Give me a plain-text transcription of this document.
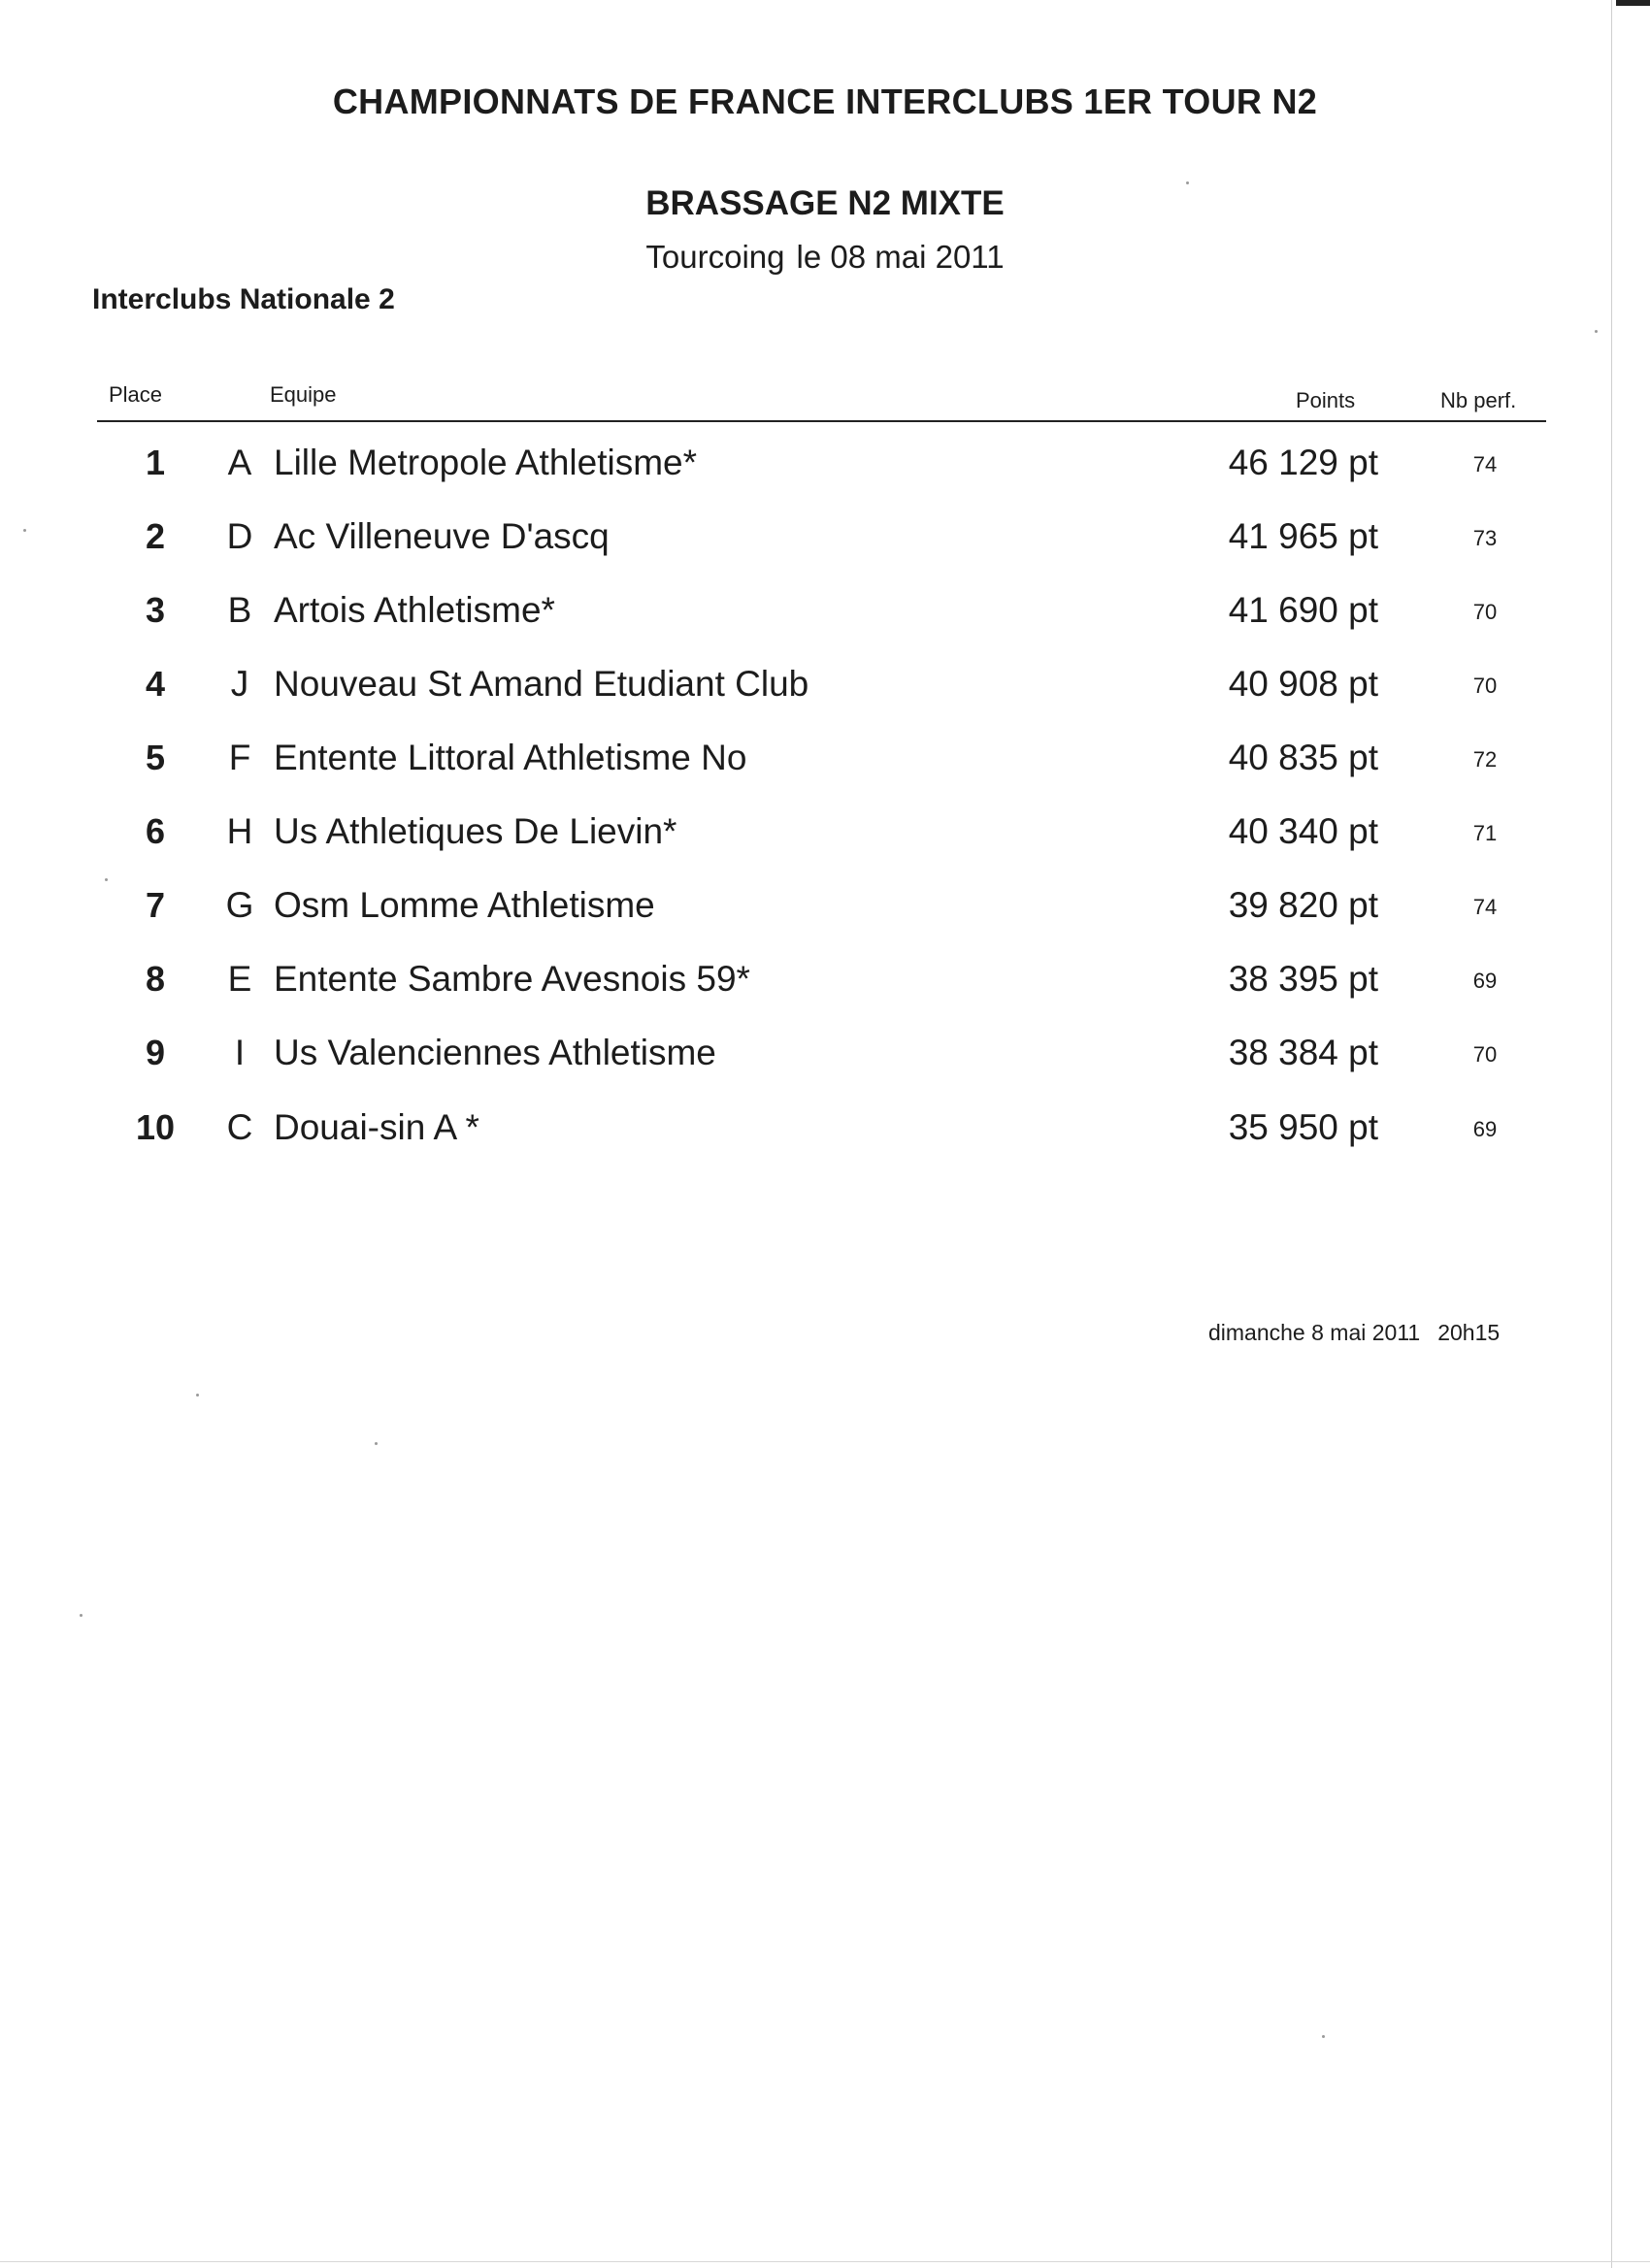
CHAMPIONNATS DE FRANCE INTERCLUBS 1ER TOUR N2
BRASSAGE N2 MIXTE
Tourcoing le 08 mai 2011
Interclubs Nationale 2
Place	Equipe	Points	Nb perf.
1	A Lille Metropole Athletisme*	46 129 pt	74
2	D Ac Villeneuve D'ascq	41 965 pt	73
3	B Artois Athletisme*	41 690 pt	70
4	J Nouveau St Amand Etudiant Club	40 908 pt	70
5	F Entente Littoral Athletisme No	40 835 pt	72
6	H Us Athletiques De Lievin*	40 340 pt	71
7	G Osm Lomme Athletisme	39 820 pt	74
8	E Entente Sambre Avesnois 59*	38 395 pt	69
9	I Us Valenciennes Athletisme	38 384 pt	70
10	C Douai-sin A *	35 950 pt	69
dimanche 8 mai 2011 20h15
